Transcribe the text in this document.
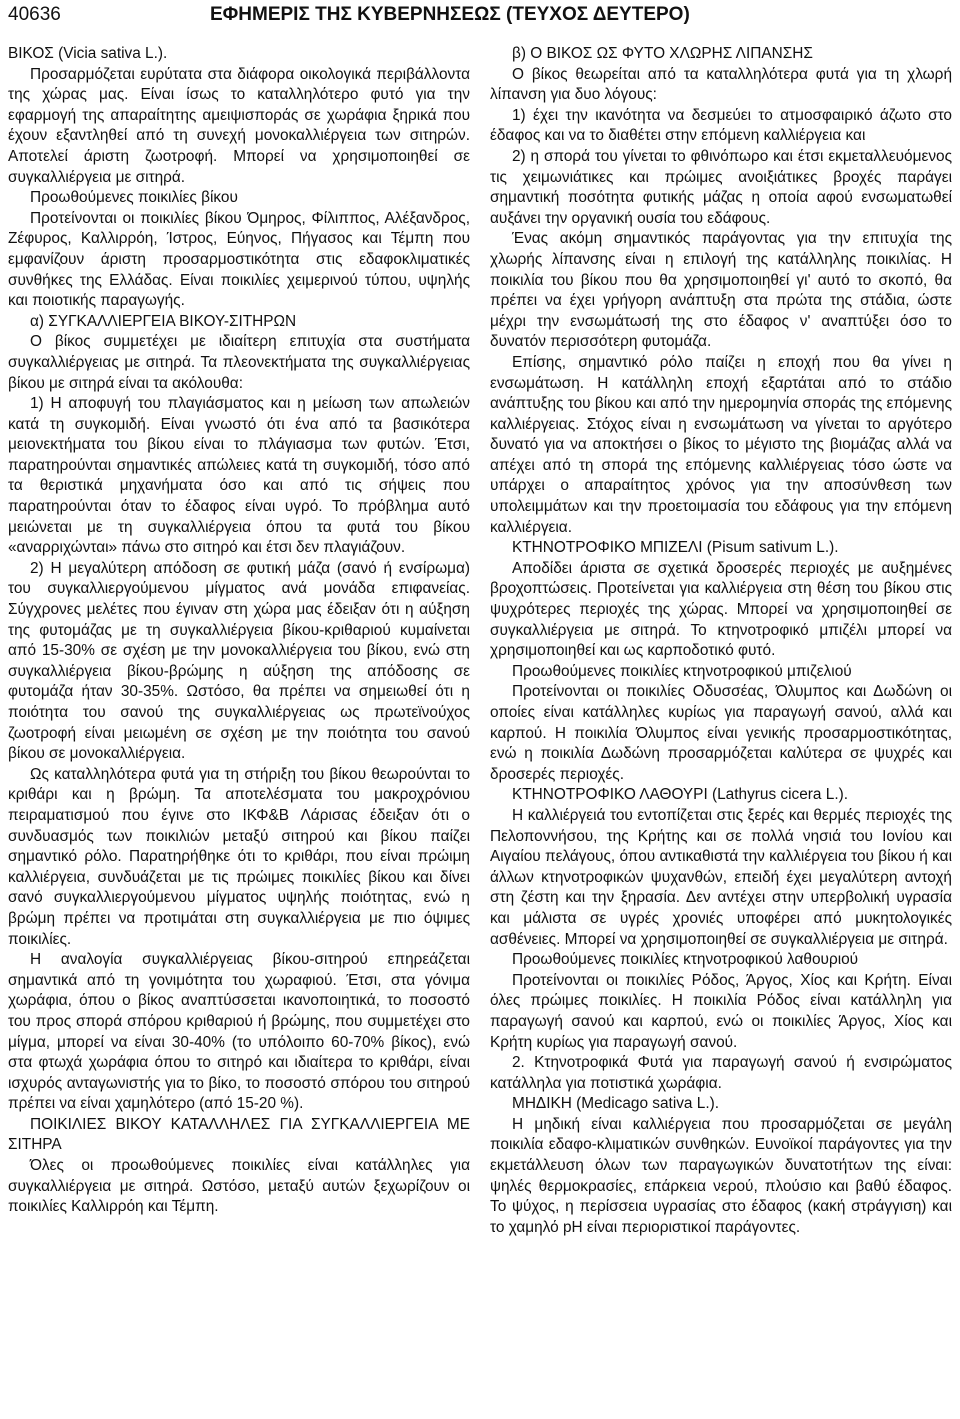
40636	ΕΦΗΜΕΡΙΣ ΤΗΣ ΚΥΒΕΡΝΗΣΕΩΣ (ΤΕΥΧΟΣ ΔΕΥΤΕΡΟ)

ΒΙΚΟΣ (Vicia sativa L.).

Προσαρμόζεται ευρύτατα στα διάφορα οικολογικά περιβάλλοντα της χώρας μας. Είναι ίσως το καταλληλότερο φυτό για την εφαρμογή της απαραίτητης αμειψισποράς σε χωράφια ξηρικά που έχουν εξαντληθεί από τη συνεχή μονοκαλλιέργεια των σιτηρών. Αποτελεί άριστη ζωοτροφή. Μπορεί να χρησιμοποιηθεί σε συγκαλλιέργεια με σιτηρά.

Προωθούμενες ποικιλίες βίκου

Προτείνονται οι ποικιλίες βίκου Όμηρος, Φίλιππος, Αλέξανδρος, Ζέφυρος, Καλλιρρόη, Ίστρος, Εύηνος, Πήγασος και Τέμπη που εμφανίζουν άριστη προσαρμοστικότητα στις εδαφοκλιματικές συνθήκες της Ελλάδας. Είναι ποικιλίες χειμερινού τύπου, υψηλής και ποιοτικής παραγωγής.

α) ΣΥΓΚΑΛΛΙΕΡΓΕΙΑ ΒΙΚΟΥ-ΣΙΤΗΡΩΝ

Ο βίκος συμμετέχει με ιδιαίτερη επιτυχία στα συστήματα συγκαλλιέργειας με σιτηρά. Τα πλεονεκτήματα της συγκαλλιέργειας βίκου με σιτηρά είναι τα ακόλουθα:

1) Η αποφυγή του πλαγιάσματος και η μείωση των απωλειών κατά τη συγκομιδή. Είναι γνωστό ότι ένα από τα βασικότερα μειονεκτήματα του βίκου είναι το πλάγιασμα των φυτών. Έτσι, παρατηρούνται σημαντικές απώλειες κατά τη συγκομιδή, τόσο από τα θεριστικά μηχανήματα όσο και από τις σήψεις που παρατηρούνται όταν το έδαφος είναι υγρό. Το πρόβλημα αυτό μειώνεται με τη συγκαλλιέργεια όπου τα φυτά του βίκου «αναρριχώνται» πάνω στο σιτηρό και έτσι δεν πλαγιάζουν.

2) Η μεγαλύτερη απόδοση σε φυτική μάζα (σανό ή ενσίρωμα) του συγκαλλιεργούμενου μίγματος ανά μονάδα επιφανείας. Σύγχρονες μελέτες που έγιναν στη χώρα μας έδειξαν ότι η αύξηση της φυτομάζας με τη συγκαλλιέργεια βίκου-κριθαριού κυμαίνεται από 15-30% σε σχέση με την μονοκαλλιέργεια του βίκου, ενώ στη συγκαλλιέργεια βίκου-βρώμης η αύξηση της απόδοσης σε φυτομάζα ήταν 30-35%. Ωστόσο, θα πρέπει να σημειωθεί ότι η ποιότητα του σανού της συγκαλλιέργειας ως πρωτεϊνούχος ζωοτροφή είναι μειωμένη σε σχέση με την ποιότητα του σανού βίκου σε μονοκαλλιέργεια.

Ως καταλληλότερα φυτά για τη στήριξη του βίκου θεωρούνται το κριθάρι και η βρώμη. Τα αποτελέσματα του μακροχρόνιου πειραματισμού που έγινε στο ΙΚΦ&Β Λάρισας έδειξαν ότι ο συνδυασμός των ποικιλιών μεταξύ σιτηρού και βίκου παίζει σημαντικό ρόλο. Παρατηρήθηκε ότι το κριθάρι, που είναι πρώιμη καλλιέργεια, συνδυάζεται με τις πρώιμες ποικιλίες βίκου και δίνει σανό συγκαλλιεργούμενου μίγματος υψηλής ποιότητας, ενώ η βρώμη πρέπει να προτιμάται στη συγκαλλιέργεια με πιο όψιμες ποικιλίες.

Η αναλογία συγκαλλιέργειας βίκου-σιτηρού επηρεάζεται σημαντικά από τη γονιμότητα του χωραφιού. Έτσι, στα γόνιμα χωράφια, όπου ο βίκος αναπτύσσεται ικανοποιητικά, το ποσοστό του προς σπορά σπόρου κριθαριού ή βρώμης, που συμμετέχει στο μίγμα, μπορεί να είναι 30-40% (το υπόλοιπο 60-70% βίκος), ενώ στα φτωχά χωράφια όπου το σιτηρό και ιδιαίτερα το κριθάρι, είναι ισχυρός ανταγωνιστής για το βίκο, το ποσοστό σπόρου του σιτηρού πρέπει να είναι χαμηλότερο (από 15-20 %).

ΠΟΙΚΙΛΙΕΣ ΒΙΚΟΥ ΚΑΤΑΛΛΗΛΕΣ ΓΙΑ ΣΥΓΚΑΛΛΙΕΡΓΕΙΑ ΜΕ ΣΙΤΗΡΑ

Όλες οι προωθούμενες ποικιλίες είναι κατάλληλες για συγκαλλιέργεια με σιτηρά. Ωστόσο, μεταξύ αυτών ξεχωρίζουν οι ποικιλίες Καλλιρρόη και Τέμπη.

β) Ο ΒΙΚΟΣ ΩΣ ΦΥΤΟ ΧΛΩΡΗΣ ΛΙΠΑΝΣΗΣ

Ο βίκος θεωρείται από τα καταλληλότερα φυτά για τη χλωρή λίπανση για δυο λόγους:

1) έχει την ικανότητα να δεσμεύει το ατμοσφαιρικό άζωτο στο έδαφος και να το διαθέτει στην επόμενη καλλιέργεια και

2) η σπορά του γίνεται το φθινόπωρο και έτσι εκμεταλλευόμενος τις χειμωνιάτικες και πρώιμες ανοιξιάτικες βροχές παράγει σημαντική ποσότητα φυτικής μάζας η οποία αφού ενσωματωθεί αυξάνει την οργανική ουσία του εδάφους.

Ένας ακόμη σημαντικός παράγοντας για την επιτυχία της χλωρής λίπανσης είναι η επιλογή της κατάλληλης ποικιλίας. Η ποικιλία του βίκου που θα χρησιμοποιηθεί γι' αυτό το σκοπό, θα πρέπει να έχει γρήγορη ανάπτυξη στα πρώτα της στάδια, ώστε μέχρι την ενσωμάτωσή της στο έδαφος ν' αναπτύξει όσο το δυνατόν περισσότερη φυτομάζα.

Επίσης, σημαντικό ρόλο παίζει η εποχή που θα γίνει η ενσωμάτωση. Η κατάλληλη εποχή εξαρτάται από το στάδιο ανάπτυξης του βίκου και από την ημερομηνία σποράς της επόμενης καλλιέργειας. Στόχος είναι η ενσωμάτωση να γίνεται το αργότερο δυνατό για να αποκτήσει ο βίκος το μέγιστο της βιομάζας αλλά να απέχει από τη σπορά της επόμενης καλλιέργειας τόσο ώστε να υπάρχει ο απαραίτητος χρόνος για την αποσύνθεση των υπολειμμάτων και την προετοιμασία του εδάφους για την επόμενη καλλιέργεια.

ΚΤΗΝΟΤΡΟΦΙΚΟ ΜΠΙΖΕΛΙ (Pisum sativum L.).

Αποδίδει άριστα σε σχετικά δροσερές περιοχές με αυξημένες βροχοπτώσεις. Προτείνεται για καλλιέργεια στη θέση του βίκου στις ψυχρότερες περιοχές της χώρας. Μπορεί να χρησιμοποιηθεί σε συγκαλλιέργεια με σιτηρά. Το κτηνοτροφικό μπιζέλι μπορεί να χρησιμοποιηθεί και ως καρποδοτικό φυτό.

Προωθούμενες ποικιλίες κτηνοτροφικού μπιζελιού

Προτείνονται οι ποικιλίες Οδυσσέας, Όλυμπος και Δωδώνη οι οποίες είναι κατάλληλες κυρίως για παραγωγή σανού, αλλά και καρπού. Η ποικιλία Όλυμπος είναι γενικής προσαρμοστικότητας, ενώ η ποικιλία Δωδώνη προσαρμόζεται καλύτερα σε ψυχρές και δροσερές περιοχές.

ΚΤΗΝΟΤΡΟΦΙΚΟ ΛΑΘΟΥΡΙ (Lathyrus cicera L.).

Η καλλιέργειά του εντοπίζεται στις ξερές και θερμές περιοχές της Πελοποννήσου, της Κρήτης και σε πολλά νησιά του Ιονίου και Αιγαίου πελάγους, όπου αντικαθιστά την καλλιέργεια του βίκου ή και άλλων κτηνοτροφικών ψυχανθών, επειδή έχει μεγαλύτερη αντοχή στη ζέστη και την ξηρασία. Δεν αντέχει στην υπερβολική υγρασία και μάλιστα σε υγρές χρονιές υποφέρει από μυκητολογικές ασθένειες. Μπορεί να χρησιμοποιηθεί σε συγκαλλιέργεια με σιτηρά.

Προωθούμενες ποικιλίες κτηνοτροφικού λαθουριού

Προτείνονται οι ποικιλίες Ρόδος, Άργος, Χίος και Κρήτη. Είναι όλες πρώιμες ποικιλίες. Η ποικιλία Ρόδος είναι κατάλληλη για παραγωγή σανού και καρπού, ενώ οι ποικιλίες Άργος, Χίος και Κρήτη κυρίως για παραγωγή σανού.

2. Κτηνοτροφικά Φυτά για παραγωγή σανού ή ενσιρώματος κατάλληλα για ποτιστικά χωράφια.

ΜΗΔΙΚΗ (Medicago sativa L.).

Η μηδική είναι καλλιέργεια που προσαρμόζεται σε μεγάλη ποικιλία εδαφο-κλιματικών συνθηκών. Ευνοϊκοί παράγοντες για την εκμετάλλευση όλων των παραγωγικών δυνατοτήτων της είναι: ψηλές θερμοκρασίες, επάρκεια νερού, πλούσιο και βαθύ έδαφος. Το ψύχος, η περίσσεια υγρασίας στο έδαφος (κακή στράγγιση) και το χαμηλό pH είναι περιοριστικοί παράγοντες.
